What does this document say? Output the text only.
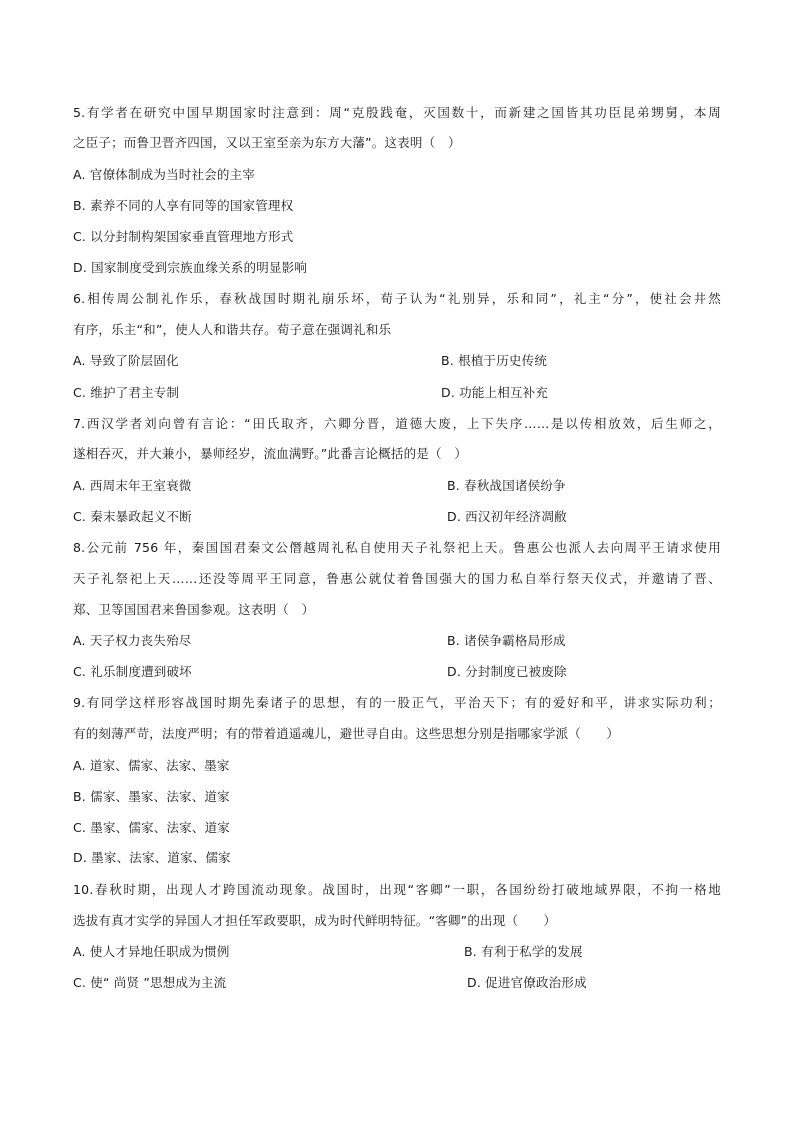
5.有学者在研究中国早期国家时注意到：周“克殷践奄，灭国数十，而新建之国皆其功臣昆弟甥舅，本周
之臣子；而鲁卫晋齐四国，又以王室至亲为东方大藩”。这表明（　）
A. 官僚体制成为当时社会的主宰
B. 素养不同的人享有同等的国家管理权
C. 以分封制构架国家垂直管理地方形式
D. 国家制度受到宗族血缘关系的明显影响
6.相传周公制礼作乐，春秋战国时期礼崩乐坏，荀子认为“礼别异，乐和同”，礼主“分”，使社会井然
有序，乐主“和”，使人人和谐共存。荀子意在强调礼和乐
A. 导致了阶层固化	B. 根植于历史传统
C. 维护了君主专制	D. 功能上相互补充
7.西汉学者刘向曾有言论：“田氏取齐，六卿分晋，道德大废，上下失序……是以传相放效，后生师之，
遂相吞灭，并大兼小，暴师经岁，流血满野。”此番言论概括的是（　）
A. 西周末年王室衰微	B. 春秋战国诸侯纷争
C. 秦末暴政起义不断	D. 西汉初年经济凋敝
8.公元前 756 年，秦国国君秦文公僭越周礼私自使用天子礼祭祀上天。鲁惠公也派人去向周平王请求使用
天子礼祭祀上天……还没等周平王同意，鲁惠公就仗着鲁国强大的国力私自举行祭天仪式，并邀请了晋、
郑、卫等国国君来鲁国参观。这表明（　）
A. 天子权力丧失殆尽	B. 诸侯争霸格局形成
C. 礼乐制度遭到破坏	D. 分封制度已被废除
9.有同学这样形容战国时期先秦诸子的思想，有的一股正气，平治天下；有的爱好和平，讲求实际功利；
有的刻薄严苛，法度严明；有的带着逍遥魂儿，避世寻自由。这些思想分别是指哪家学派（　　）
A. 道家、儒家、法家、墨家
B. 儒家、墨家、法家、道家
C. 墨家、儒家、法家、道家
D. 墨家、法家、道家、儒家
10.春秋时期，出现人才跨国流动现象。战国时，出现“客卿”一职，各国纷纷打破地域界限，不拘一格地
选拔有真才实学的异国人才担任军政要职，成为时代鲜明特征。“客卿”的出现（　　）
A. 使人才异地任职成为惯例	B. 有利于私学的发展
C. 使“ 尚贤 ”思想成为主流	D. 促进官僚政治形成
